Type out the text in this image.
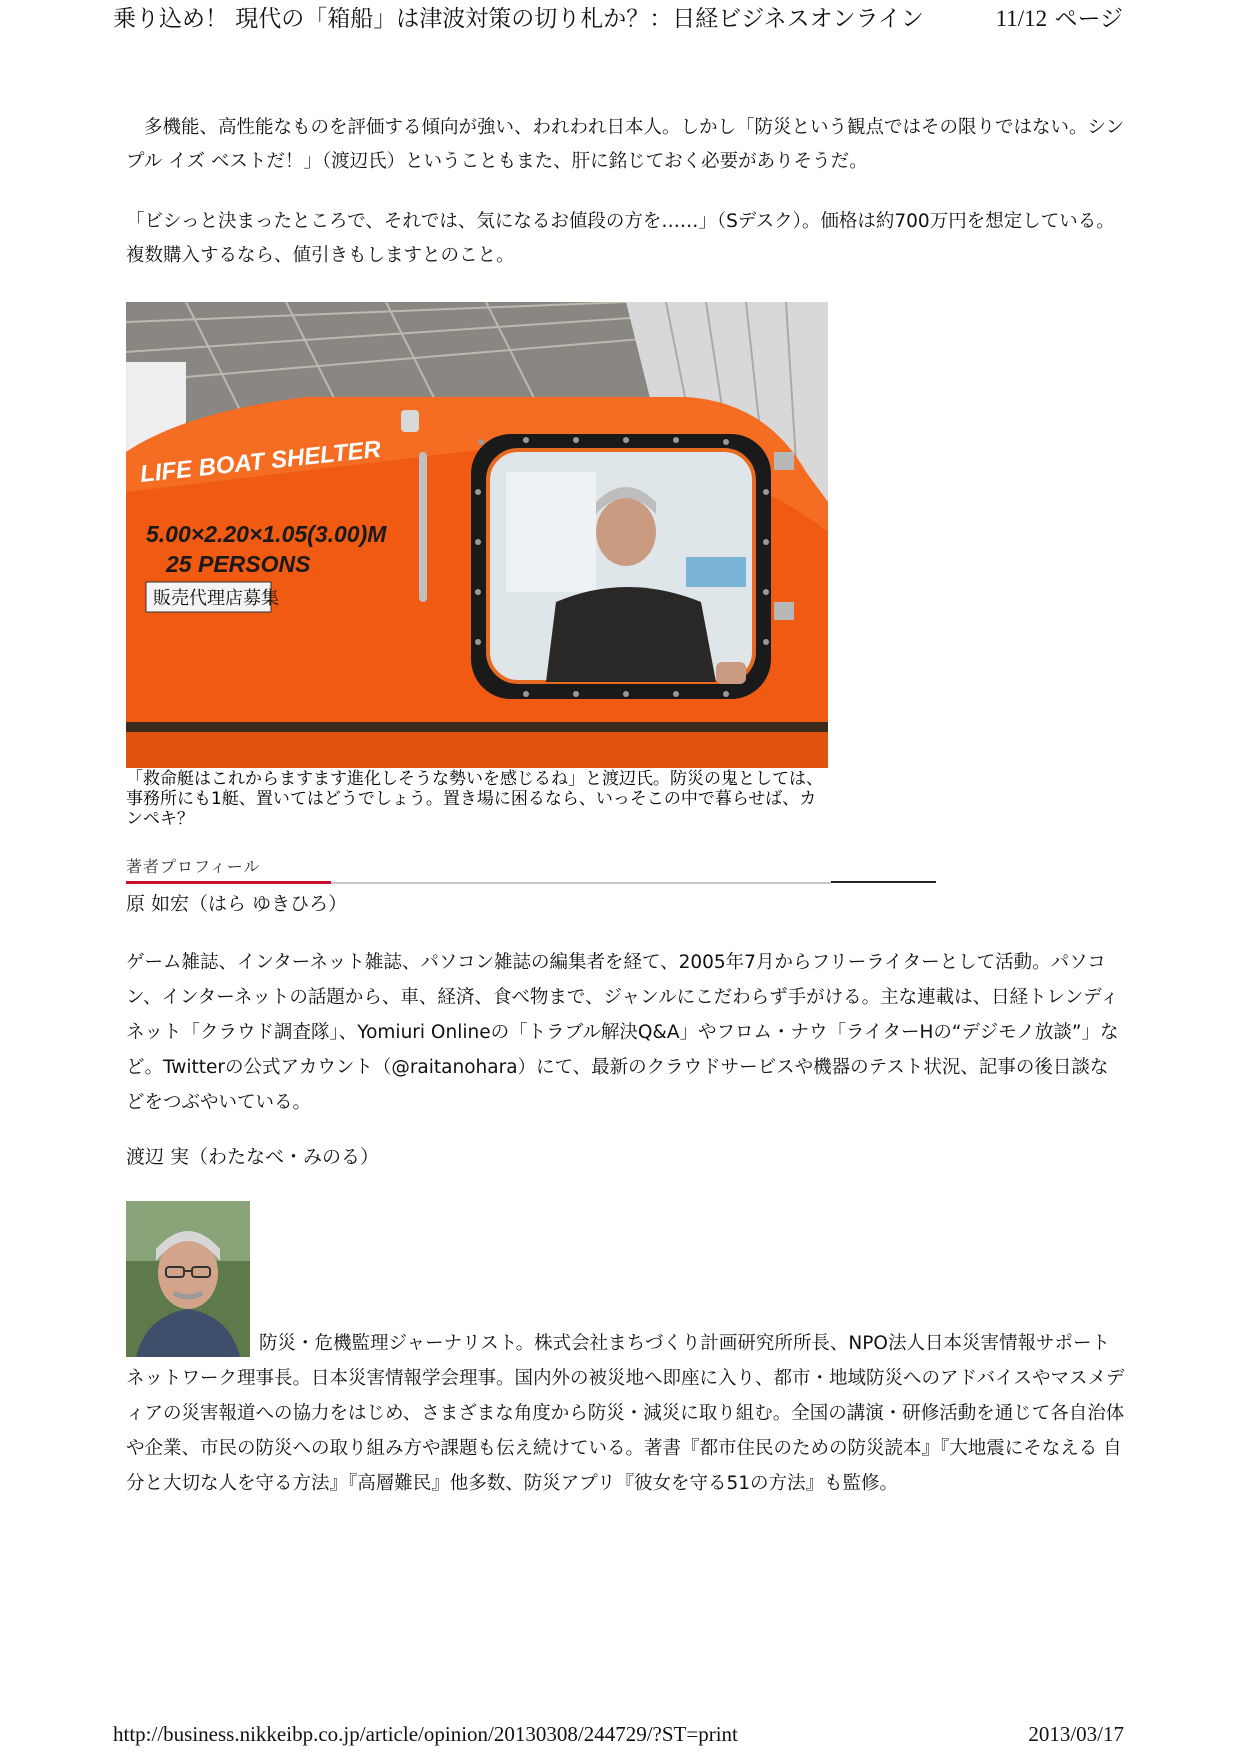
乗り込め！ 現代の「箱船」は津波対策の切り札か？：日経ビジネスオンライン	11/12 ページ
多機能、高性能なものを評価する傾向が強い、われわれ日本人。しかし「防災という観点ではその限りではない。シンプル イズ ベストだ！」（渡辺氏）ということもまた、肝に銘じておく必要がありそうだ。
「ビシっと決まったところで、それでは、気になるお値段の方を……」（Sデスク）。価格は約700万円を想定している。複数購入するなら、値引きもしますとのこと。
LIFE BOAT SHELTER
5.00×2.20×1.05(3.00)M
25 PERSONS
販売代理店募集
「救命艇はこれからますます進化しそうな勢いを感じるね」と渡辺氏。防災の鬼としては、事務所にも1艇、置いてはどうでしょう。置き場に困るなら、いっそこの中で暮らせば、カンペキ？
著者プロフィール
原 如宏（はら ゆきひろ）
ゲーム雑誌、インターネット雑誌、パソコン雑誌の編集者を経て、2005年7月からフリーライターとして活動。パソコン、インターネットの話題から、車、経済、食べ物まで、ジャンルにこだわらず手がける。主な連載は、日経トレンディネット「クラウド調査隊」、Yomiuri Onlineの「トラブル解決Q&A」やフロム・ナウ「ライターHの“デジモノ放談”」など。Twitterの公式アカウント（@raitanohara）にて、最新のクラウドサービスや機器のテスト状況、記事の後日談などをつぶやいている。
渡辺 実（わたなべ・みのる）
防災・危機監理ジャーナリスト。株式会社まちづくり計画研究所所長、NPO法人日本災害情報サポートネットワーク理事長。日本災害情報学会理事。国内外の被災地へ即座に入り、都市・地域防災へのアドバイスやマスメディアの災害報道への協力をはじめ、さまざまな角度から防災・減災に取り組む。全国の講演・研修活動を通じて各自治体や企業、市民の防災への取り組み方や課題も伝え続けている。著書『都市住民のための防災読本』『大地震にそなえる 自分と大切な人を守る方法』『高層難民』他多数、防災アプリ『彼女を守る51の方法』も監修。
http://business.nikkeibp.co.jp/article/opinion/20130308/244729/?ST=print	2013/03/17
